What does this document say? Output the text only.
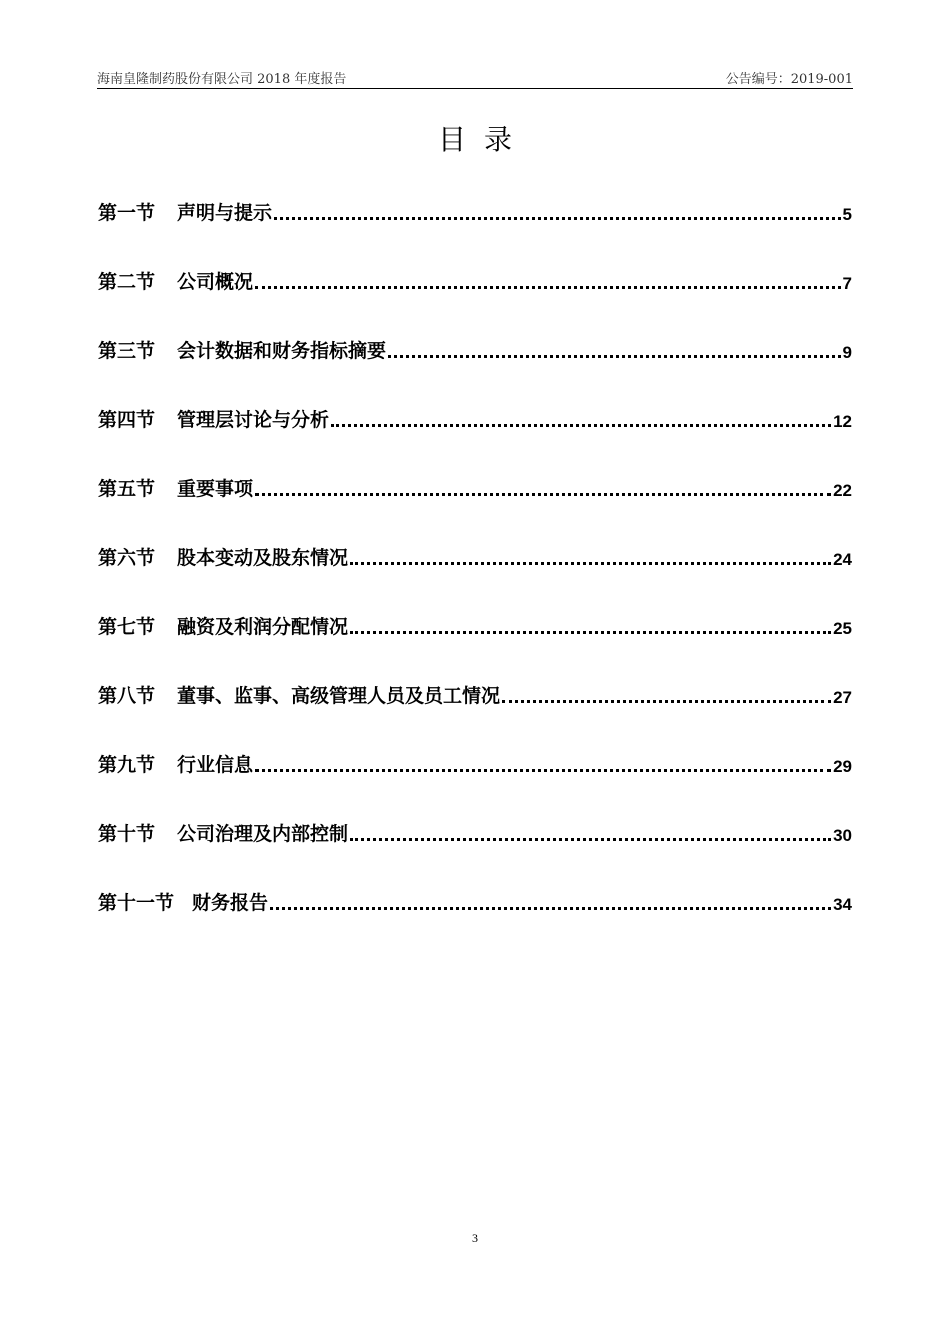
海南皇隆制药股份有限公司 2018 年度报告	公告编号：2019-001
目录
第一节 声明与提示	5
第二节 公司概况	7
第三节 会计数据和财务指标摘要	9
第四节 管理层讨论与分析	12
第五节 重要事项	22
第六节 股本变动及股东情况	24
第七节 融资及利润分配情况	25
第八节 董事、监事、高级管理人员及员工情况	27
第九节 行业信息	29
第十节 公司治理及内部控制	30
第十一节 财务报告	34
3
